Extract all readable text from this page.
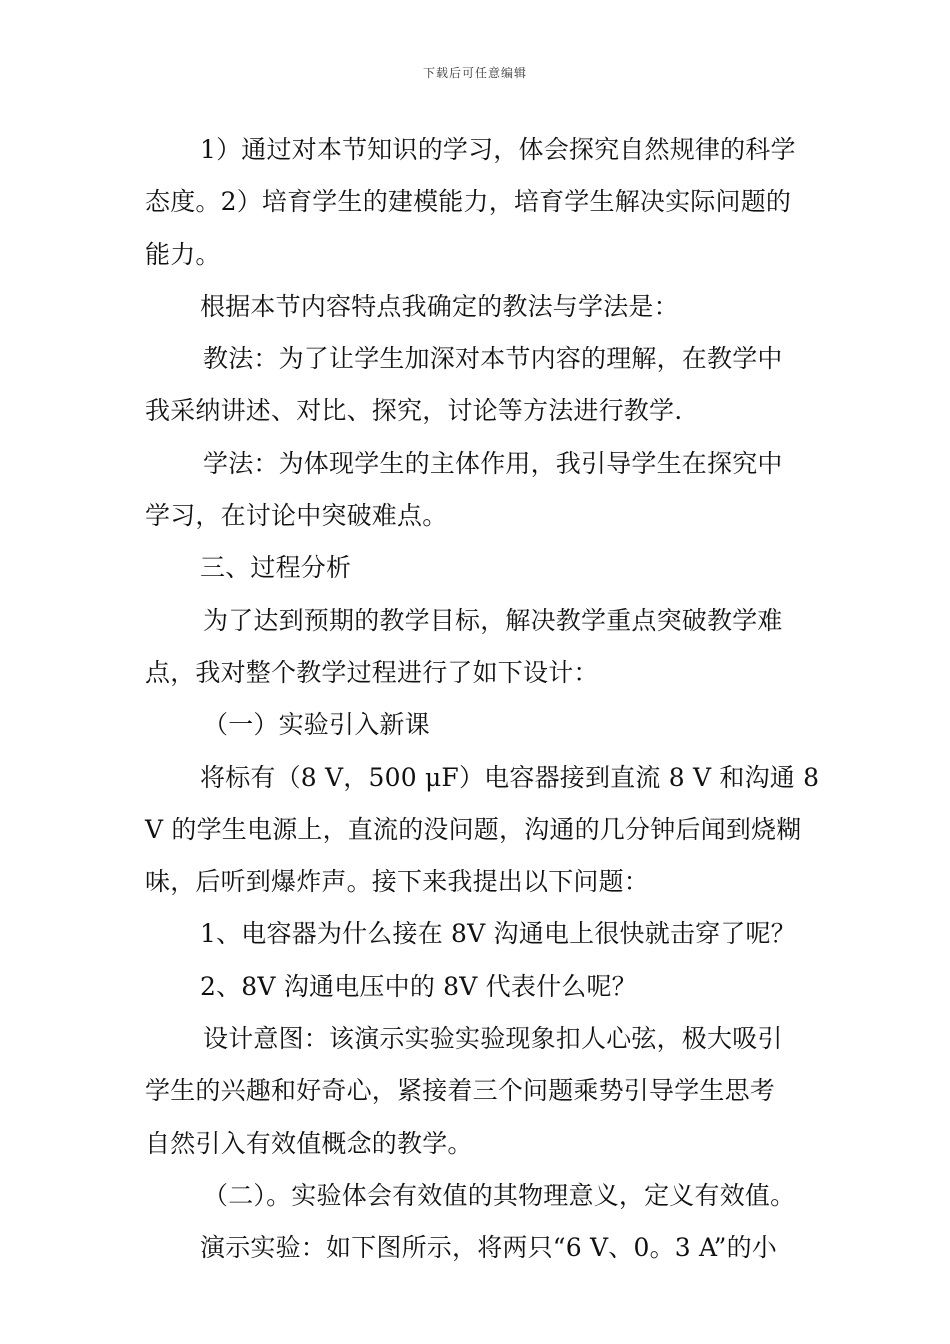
下载后可任意编辑
1）通过对本节知识的学习，体会探究自然规律的科学
态度。2）培育学生的建模能力，培育学生解决实际问题的
能力。
根据本节内容特点我确定的教法与学法是：
教法：为了让学生加深对本节内容的理解，在教学中
我采纳讲述、对比、探究，讨论等方法进行教学.
学法：为体现学生的主体作用，我引导学生在探究中
学习，在讨论中突破难点。
三、过程分析
为了达到预期的教学目标，解决教学重点突破教学难
点，我对整个教学过程进行了如下设计：
（一）实验引入新课
将标有（8 V，500 μF）电容器接到直流 8 V 和沟通 8
V 的学生电源上，直流的没问题，沟通的几分钟后闻到烧糊
味，后听到爆炸声。接下来我提出以下问题：
1、电容器为什么接在 8V 沟通电上很快就击穿了呢？
2、8V 沟通电压中的 8V 代表什么呢？
设计意图：该演示实验实验现象扣人心弦，极大吸引
学生的兴趣和好奇心，紧接着三个问题乘势引导学生思考
自然引入有效值概念的教学。
（二）。实验体会有效值的其物理意义，定义有效值。
演示实验：如下图所示，将两只“6 V、0。3 A”的小
